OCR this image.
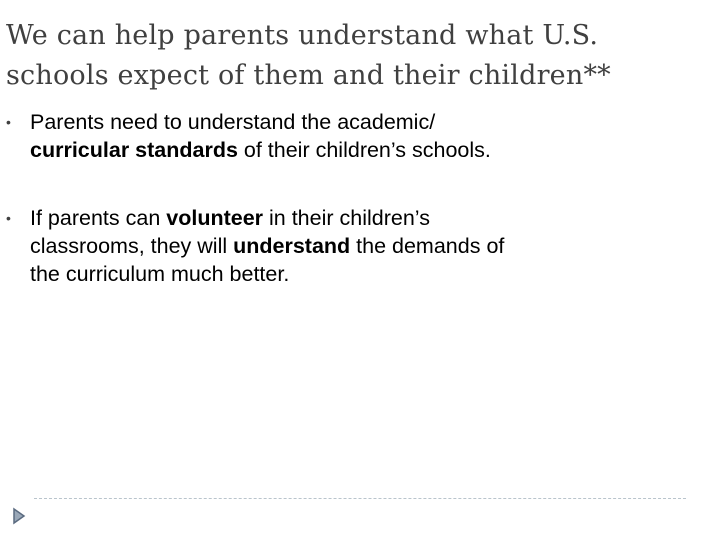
We can help parents understand what U.S.
schools expect of them and their children**
• Parents need to understand the academic/
curricular standards of their children’s schools.
• If parents can volunteer in their children’s
classrooms, they will understand the demands of
the curriculum much better.
